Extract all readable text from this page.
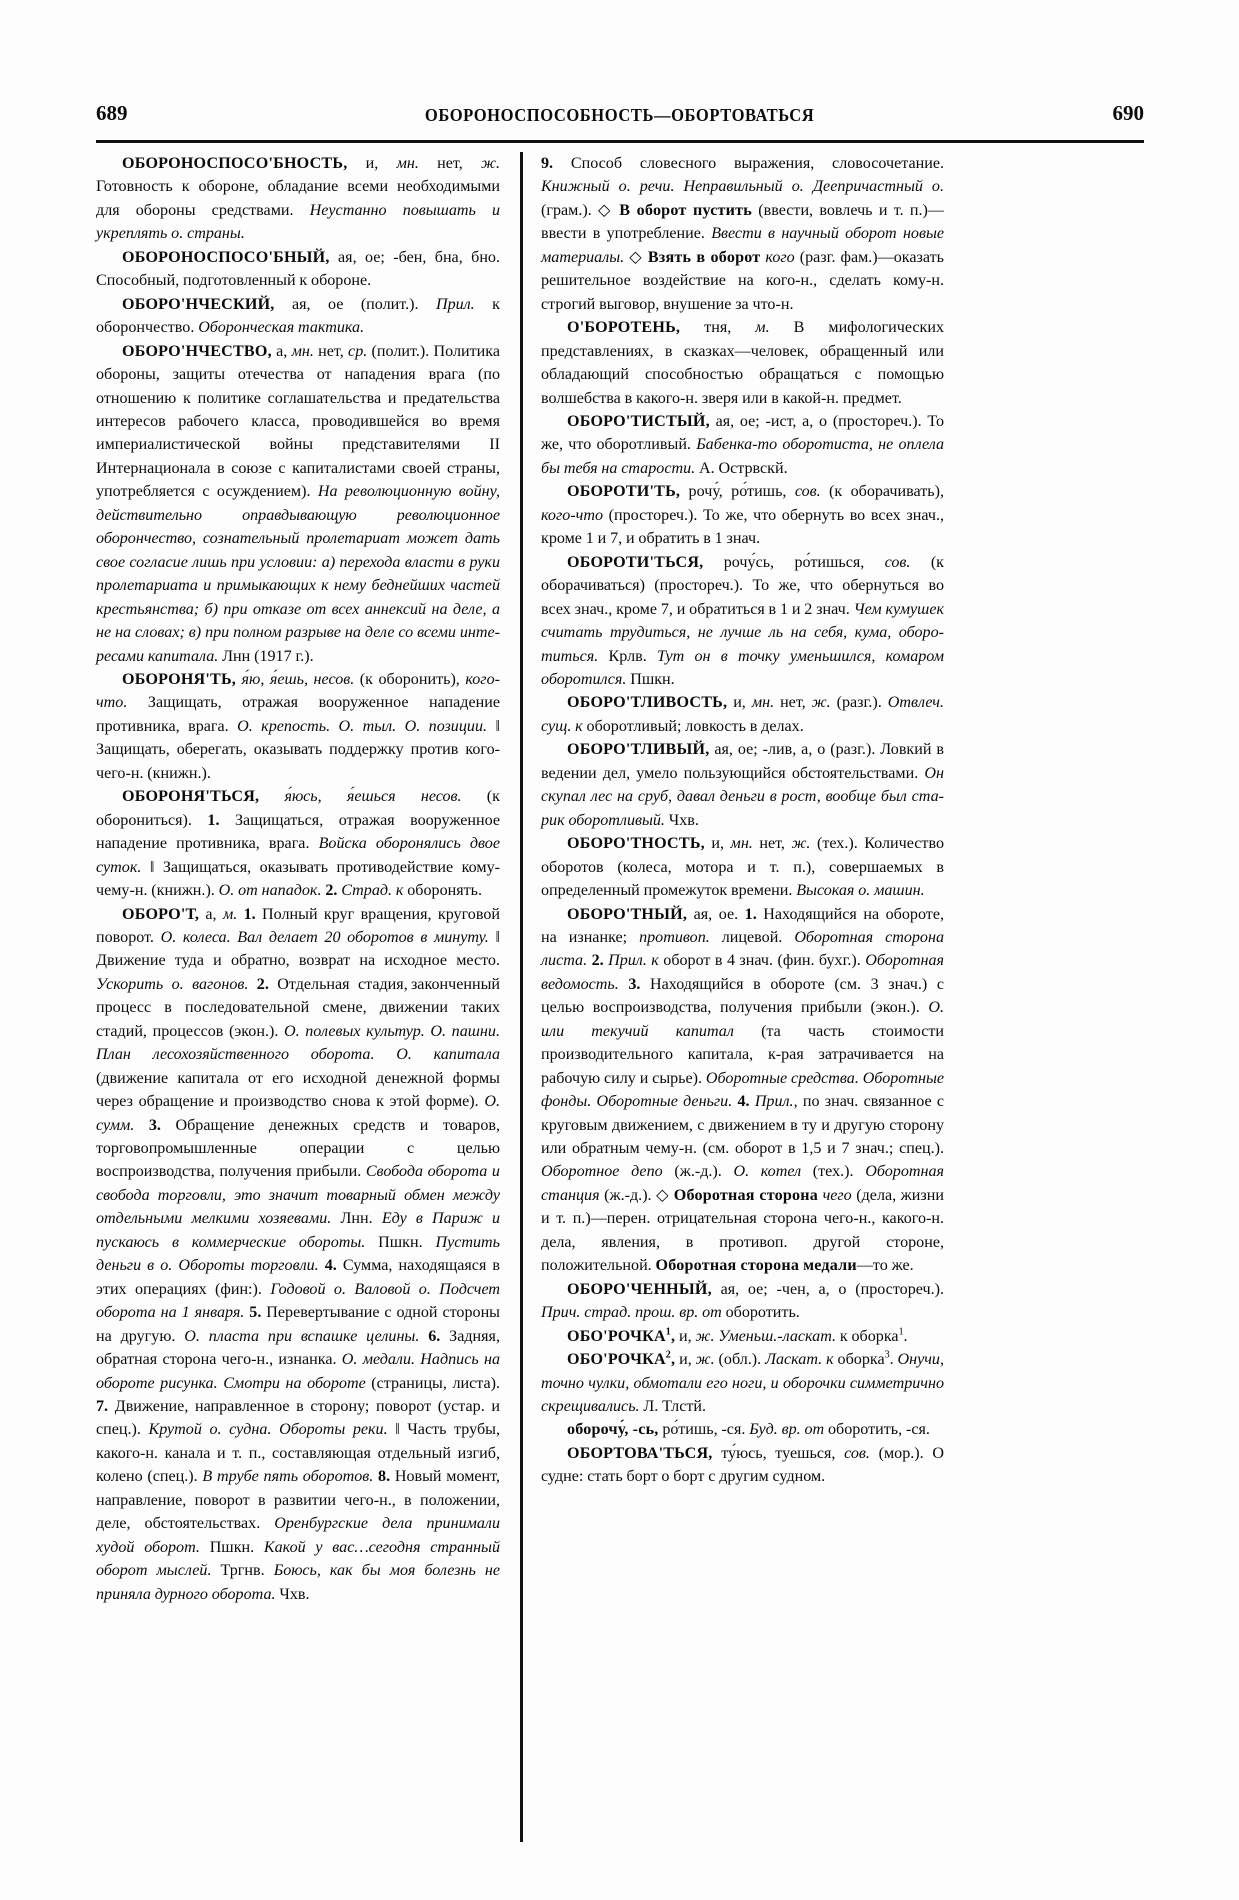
689	ОБОРОНОСПОСОБНОСТЬ—ОБОРТОВАТЬСЯ	690

ОБОРОНОСПОСО'БНОСТЬ, и, мн. нет, ж. Готовность к обороне, обладание всеми необходимыми для обороны средствами. Неустанно повышать и укреплять о. страны.

ОБОРОНОСПОСО'БНЫЙ, ая, ое; -бен, бна, бно. Способный, подготовленный к обороне.

ОБОРО'НЧЕСКИЙ, ая, ое (полит.). Прил. к оборончество. Оборонческая тактика.

ОБОРО'НЧЕСТВО, а, мн. нет, ср. (полит.). Политика обороны, защиты отечества от нападения врага (по отношению к политике соглашательства и предательства интересов рабочего класса, проводившейся во время империалистической войны представителями II Интернационала в союзе с капиталистами своей страны, употребляется с осуждением). На революционную войну, действительно оправдывающую революционное оборончество, сознательный пролетариат может дать свое согласие лишь при условии: а) перехода власти в руки пролетариата и примыкающих к нему беднейших частей крестьянства; б) при отказе от всех аннексий на деле, а не на словах; в) при полном разрыве на деле со всеми интересами капитала. Лнн (1917 г.).

ОБОРОНЯ'ТЬ, я́ю, я́ешь, несов. (к оборонить), кого-что. Защищать, отражая вооруженное нападение противника, врага. О. крепость. О. тыл. О. позиции. ‖ Защищать, оберегать, оказывать поддержку против кого-чего-н. (книжн.).

ОБОРОНЯ'ТЬСЯ, я́юсь, я́ешься несов. (к оборониться). 1. Защищаться, отражая вооруженное нападение противника, врага. Войска оборонялись двое суток. ‖ Защищаться, оказывать противодействие кому-чему-н. (книжн.). О. от нападок. 2. Страд. к оборонять.

ОБОРО'Т, а, м. 1. Полный круг вращения, круговой поворот. О. колеса. Вал делает 20 оборотов в минуту. ‖ Движение туда и обратно, возврат на исходное место. Ускорить о. вагонов. 2. Отдельная стадия, законченный процесс в последовательной смене, движении таких стадий, процессов (экон.). О. полевых культур. О. пашни. План лесохозяйственного оборота. О. капитала (движение капитала от его исходной денежной формы через обращение и производство снова к этой форме). О. сумм. 3. Обращение денежных средств и товаров, торговопромышленные операции с целью воспроизводства, получения прибыли. Свобода оборота и свобода торговли, это значит товарный обмен между отдельными мелкими хозяевами. Лнн. Еду в Париж и пускаюсь в коммерческие обороты. Пшкн. Пустить деньги в о. Обороты торговли. 4. Сумма, находящаяся в этих операциях (фин:). Годовой о. Валовой о. Подсчет оборота на 1 января. 5. Перевертывание с одной стороны на другую. О. пласта при вспашке целины. 6. Задняя, обратная сторона чего-н., изнанка. О. медали. Надпись на обороте рисунка. Смотри на обороте (страницы, листа). 7. Движение, направленное в сторону; поворот (устар. и спец.). Крутой о. судна. Обороты реки. ‖ Часть трубы, какого-н. канала и т. п., составляющая отдельный изгиб, колено (спец.). В трубе пять оборотов. 8. Новый момент, направление, поворот в развитии чего-н., в положении, деле, обстоятельствах. Оренбургские дела принимали худой оборот. Пшкн. Какой у вас…сегодня странный оборот мыслей. Тргнв. Боюсь, как бы моя болезнь не приняла дурного оборота. Чхв.

9. Способ словесного выражения, словосочетание. Книжный о. речи. Неправильный о. Деепричастный о. (грам.). ◇ В оборот пустить (ввести, вовлечь и т. п.)—ввести в употребление. Ввести в научный оборот новые материалы. ◇ Взять в оборот кого (разг. фам.)—оказать решительное воздействие на кого-н., сделать кому-н. строгий выговор, внушение за что-н.

О'БОРОТЕНЬ, тня, м. В мифологических представлениях, в сказках—человек, обращенный или обладающий способностью обращаться с помощью волшебства в какого-н. зверя или в какой-н. предмет.

ОБОРО'ТИСТЫЙ, ая, ое; -ист, а, о (простореч.). То же, что оборотливый. Бабенка-то оборотиста, не оплела бы тебя на старости. А. Острвскй.

ОБОРОТИ'ТЬ, рочу́, ро́тишь, сов. (к оборачивать), кого-что (простореч.). То же, что обернуть во всех знач., кроме 1 и 7, и обратить в 1 знач.

ОБОРОТИ'ТЬСЯ, рочу́сь, ро́тишься, сов. (к оборачиваться) (простореч.). То же, что обернуться во всех знач., кроме 7, и обратиться в 1 и 2 знач. Чем кумушек считать трудиться, не лучше ль на себя, кума, оборотиться. Крлв. Тут он в точку уменьшился, комаром оборотился. Пшкн.

ОБОРО'ТЛИВОСТЬ, и, мн. нет, ж. (разг.). Отвлеч. сущ. к оборотливый; ловкость в делах.

ОБОРО'ТЛИВЫЙ, ая, ое; -лив, а, о (разг.). Ловкий в ведении дел, умело пользующийся обстоятельствами. Он скупал лес на сруб, давал деньги в рост, вообще был старик оборотливый. Чхв.

ОБОРО'ТНОСТЬ, и, мн. нет, ж. (тех.). Количество оборотов (колеса, мотора и т. п.), совершаемых в определенный промежуток времени. Высокая о. машин.

ОБОРО'ТНЫЙ, ая, ое. 1. Находящийся на обороте, на изнанке; противоп. лицевой. Оборотная сторона листа. 2. Прил. к оборот в 4 знач. (фин. бухг.). Оборотная ведомость. 3. Находящийся в обороте (см. 3 знач.) с целью воспроизводства, получения прибыли (экон.). О. или текучий капитал (та часть стоимости производительного капитала, к-рая затрачивается на рабочую силу и сырье). Оборотные средства. Оборотные фонды. Оборотные деньги. 4. Прил., по знач. связанное с круговым движением, с движением в ту и другую сторону или обратным чему-н. (см. оборот в 1,5 и 7 знач.; спец.). Оборотное депо (ж.-д.). О. котел (тех.). Оборотная станция (ж.-д.). ◇ Оборотная сторона чего (дела, жизни и т. п.)—перен. отрицательная сторона чего-н., какого-н. дела, явления, в противоп. другой стороне, положительной. Оборотная сторона медали—то же.

ОБОРО'ЧЕННЫЙ, ая, ое; -чен, а, о (простореч.). Прич. страд. прош. вр. от оборотить.

ОБО'РОЧКА$^1$, и, ж. Уменьш.-ласкат. к оборка$^1$.

ОБО'РОЧКА$^2$, и, ж. (обл.). Ласкат. к оборка$^3$. Онучи, точно чулки, обмотали его ноги, и оборочки симметрично скрещивались. Л. Тлстй.

оборочу́, -сь, ро́тишь, -ся. Буд. вр. от оборотить, -ся.

ОБОРТОВА'ТЬСЯ, ту́юсь, туешься, сов. (мор.). О судне: стать борт о борт с другим судном.
